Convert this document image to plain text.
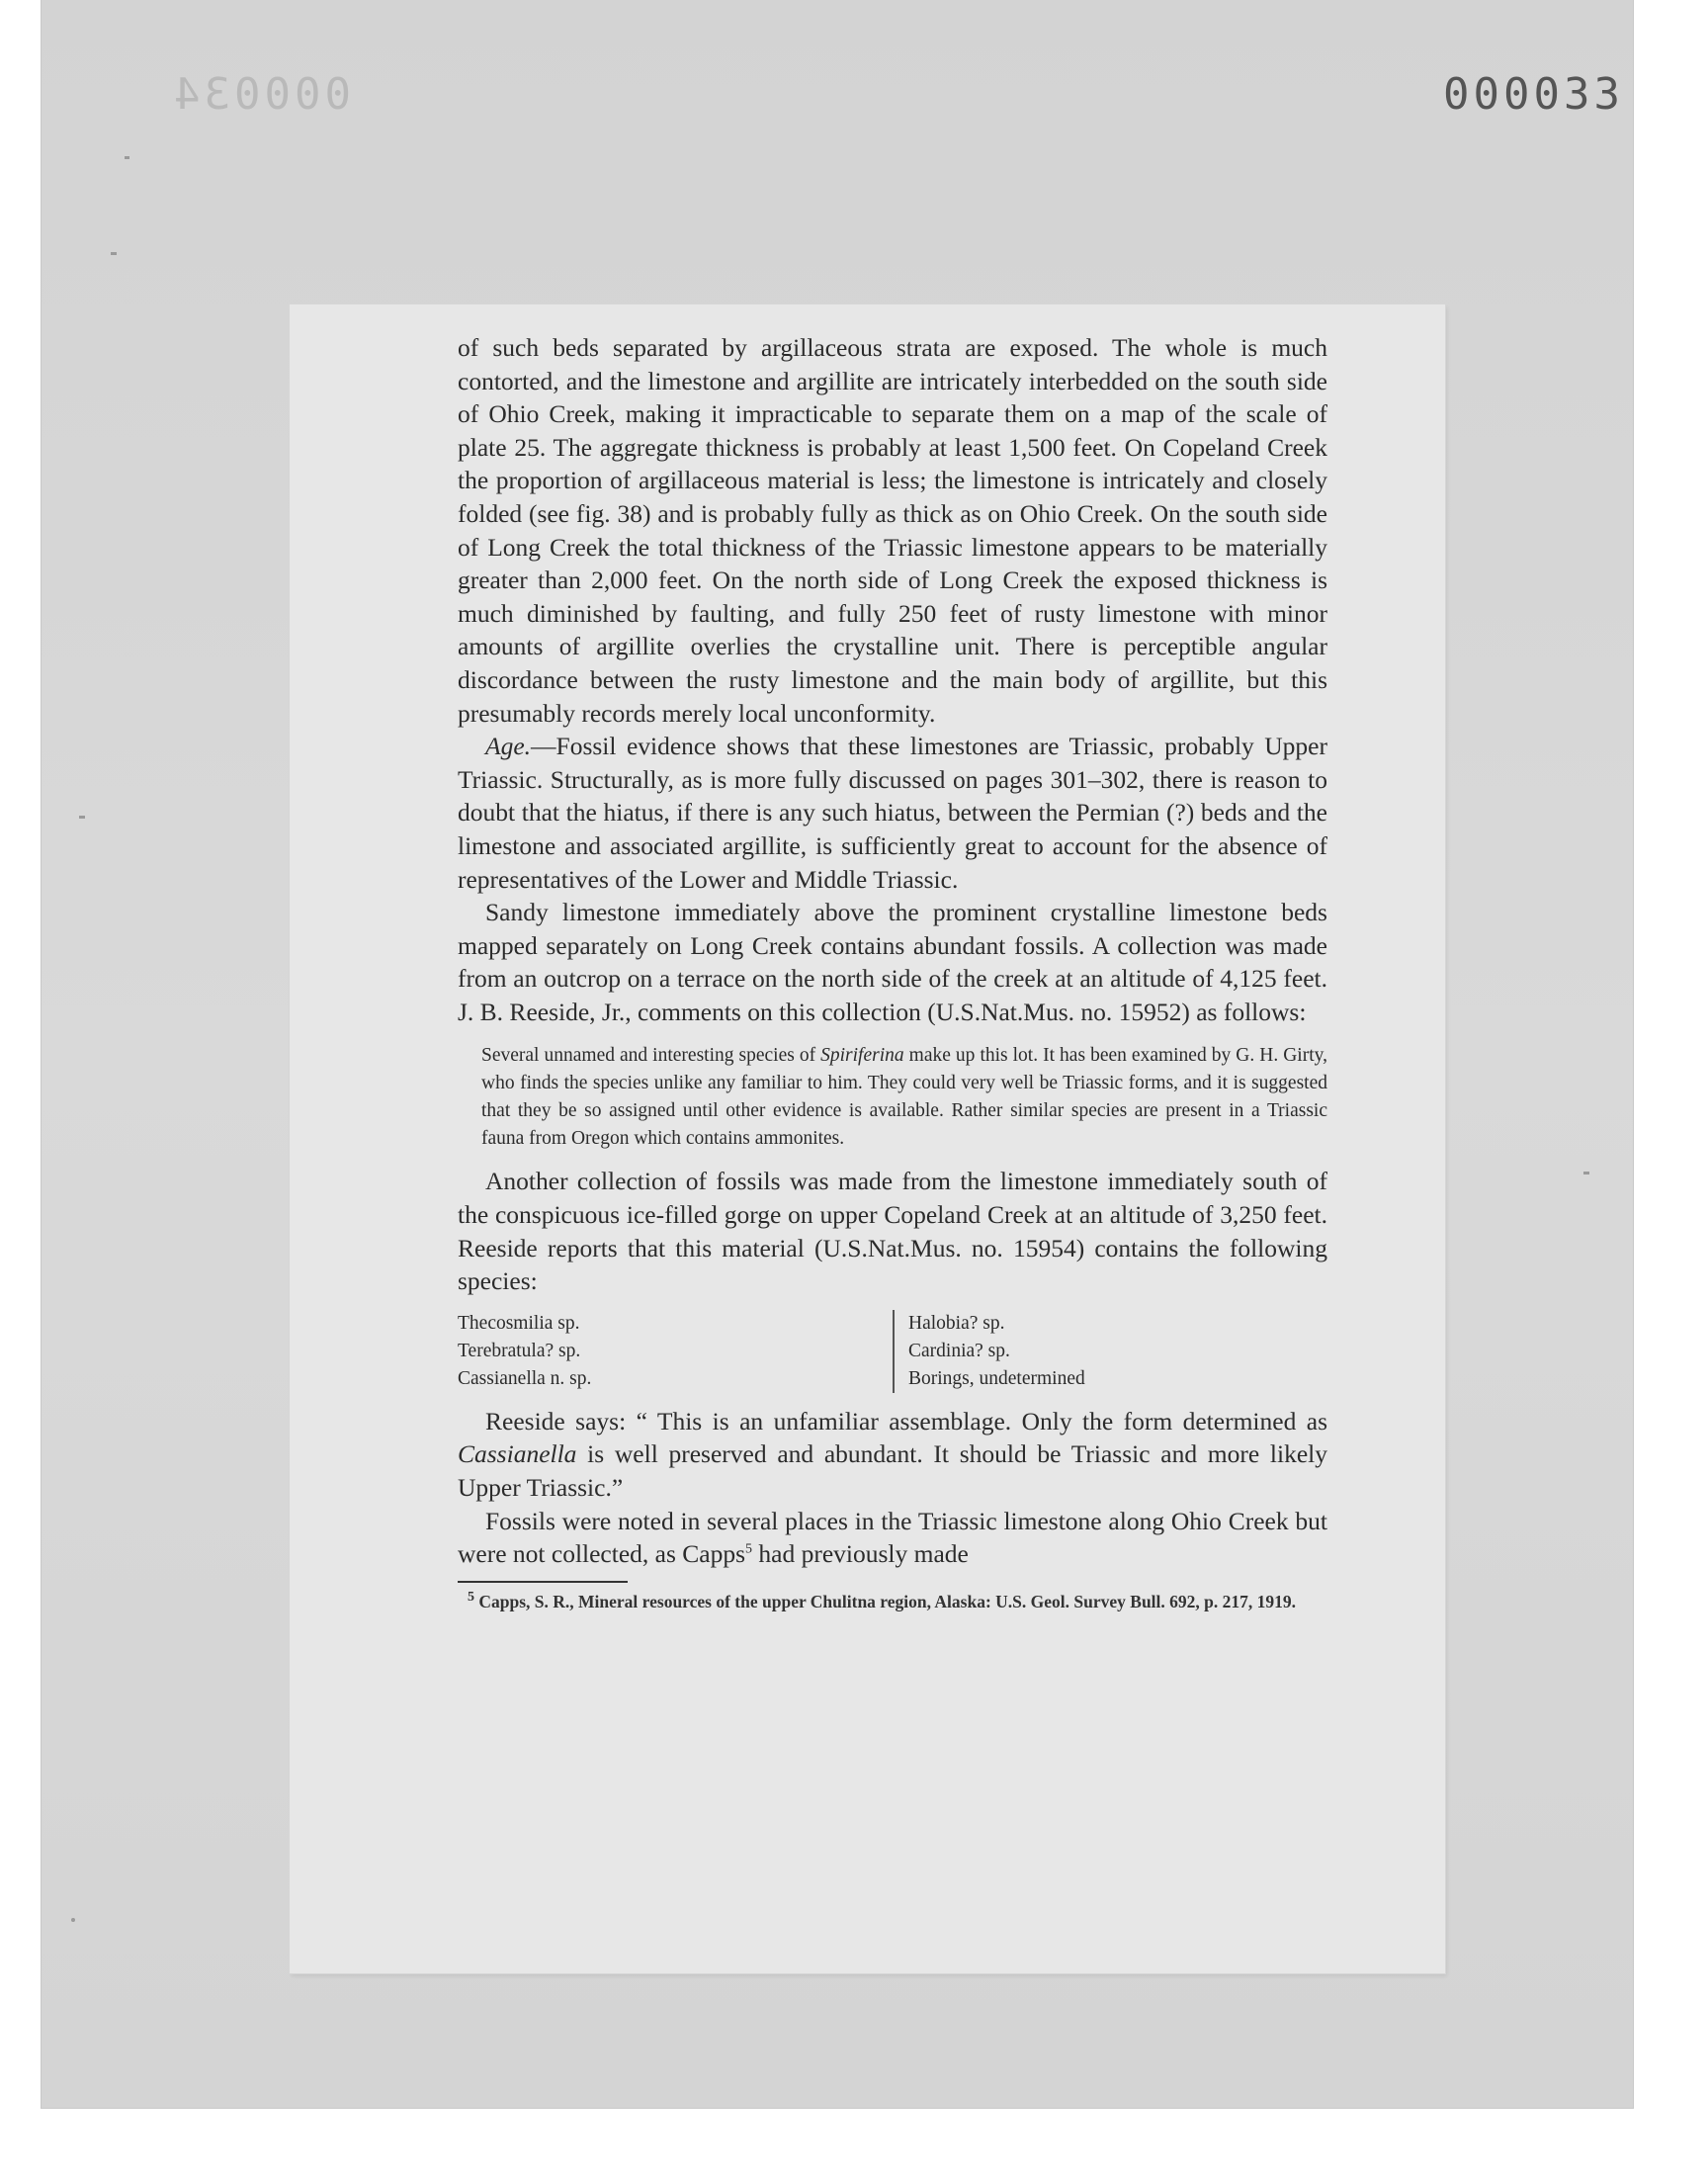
000034	000033

of such beds separated by argillaceous strata are exposed. The whole is much contorted, and the limestone and argillite are intricately interbedded on the south side of Ohio Creek, making it impracticable to separate them on a map of the scale of plate 25. The aggregate thickness is probably at least 1,500 feet. On Copeland Creek the proportion of argillaceous material is less; the limestone is intricately and closely folded (see fig. 38) and is probably fully as thick as on Ohio Creek. On the south side of Long Creek the total thickness of the Triassic limestone appears to be materially greater than 2,000 feet. On the north side of Long Creek the exposed thickness is much diminished by faulting, and fully 250 feet of rusty limestone with minor amounts of argillite overlies the crystalline unit. There is perceptible angular discordance between the rusty limestone and the main body of argillite, but this presumably records merely local unconformity.

Age.—Fossil evidence shows that these limestones are Triassic, probably Upper Triassic. Structurally, as is more fully discussed on pages 301–302, there is reason to doubt that the hiatus, if there is any such hiatus, between the Permian (?) beds and the limestone and associated argillite, is sufficiently great to account for the absence of representatives of the Lower and Middle Triassic.

Sandy limestone immediately above the prominent crystalline limestone beds mapped separately on Long Creek contains abundant fossils. A collection was made from an outcrop on a terrace on the north side of the creek at an altitude of 4,125 feet. J. B. Reeside, Jr., comments on this collection (U.S.Nat.Mus. no. 15952) as follows:

Several unnamed and interesting species of Spiriferina make up this lot. It has been examined by G. H. Girty, who finds the species unlike any familiar to him. They could very well be Triassic forms, and it is suggested that they be so assigned until other evidence is available. Rather similar species are present in a Triassic fauna from Oregon which contains ammonites.

Another collection of fossils was made from the limestone immediately south of the conspicuous ice-filled gorge on upper Copeland Creek at an altitude of 3,250 feet. Reeside reports that this material (U.S.Nat.Mus. no. 15954) contains the following species:

Thecosmilia sp.
Terebratula? sp.
Cassianella n. sp.
Halobia? sp.
Cardinia? sp.
Borings, undetermined

Reeside says: “ This is an unfamiliar assemblage. Only the form determined as Cassianella is well preserved and abundant. It should be Triassic and more likely Upper Triassic.”

Fossils were noted in several places in the Triassic limestone along Ohio Creek but were not collected, as Capps$^5$ had previously made

$^5$ Capps, S. R., Mineral resources of the upper Chulitna region, Alaska: U.S. Geol. Survey Bull. 692, p. 217, 1919.
